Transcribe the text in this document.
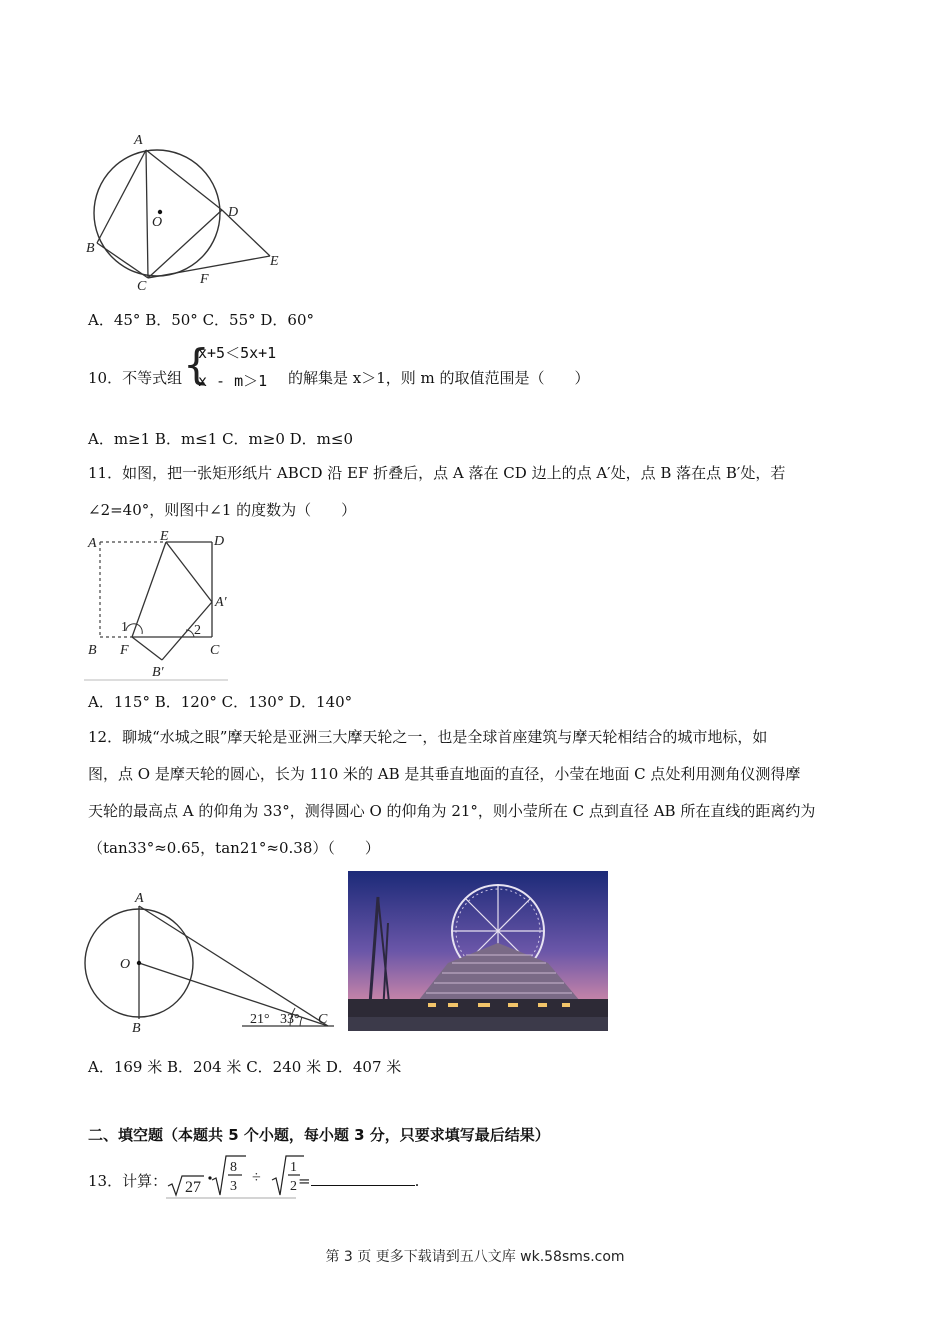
A
O
D
B
E
F
C
A．45° B．50° C．55° D．60°
10．不等式组 {
x+5＜5x+1
x - m＞1 的解集是 x＞1，则 m 的取值范围是（　　）
A．m≥1 B．m≤1 C．m≥0 D．m≤0
11．如图，把一张矩形纸片 ABCD 沿 EF 折叠后，点 A 落在 CD 边上的点 A′处，点 B 落在点 B′处，若
∠2=40°，则图中∠1 的度数为（　　）
A	E	D
A′
1	2
B F	C
B′
A．115° B．120° C．130° D．140°
12．聊城“水城之眼”摩天轮是亚洲三大摩天轮之一，也是全球首座建筑与摩天轮相结合的城市地标，如
图，点 O 是摩天轮的圆心，长为 110 米的 AB 是其垂直地面的直径，小莹在地面 C 点处利用测角仪测得摩
天轮的最高点 A 的仰角为 33°，测得圆心 O 的仰角为 21°，则小莹所在 C 点到直径 AB 所在直线的距离约为
（tan33°≈0.65，tan21°≈0.38）（　　）
A
O
B
C
21° 33°
A．169 米 B．204 米 C．240 米 D．407 米
二、填空题（本题共 5 个小题，每小题 3 分，只要求填写最后结果）
13．计算： 27
8
3
÷
1
2 =	.
第 3 页 更多下载请到五八文库 wk.58sms.com
